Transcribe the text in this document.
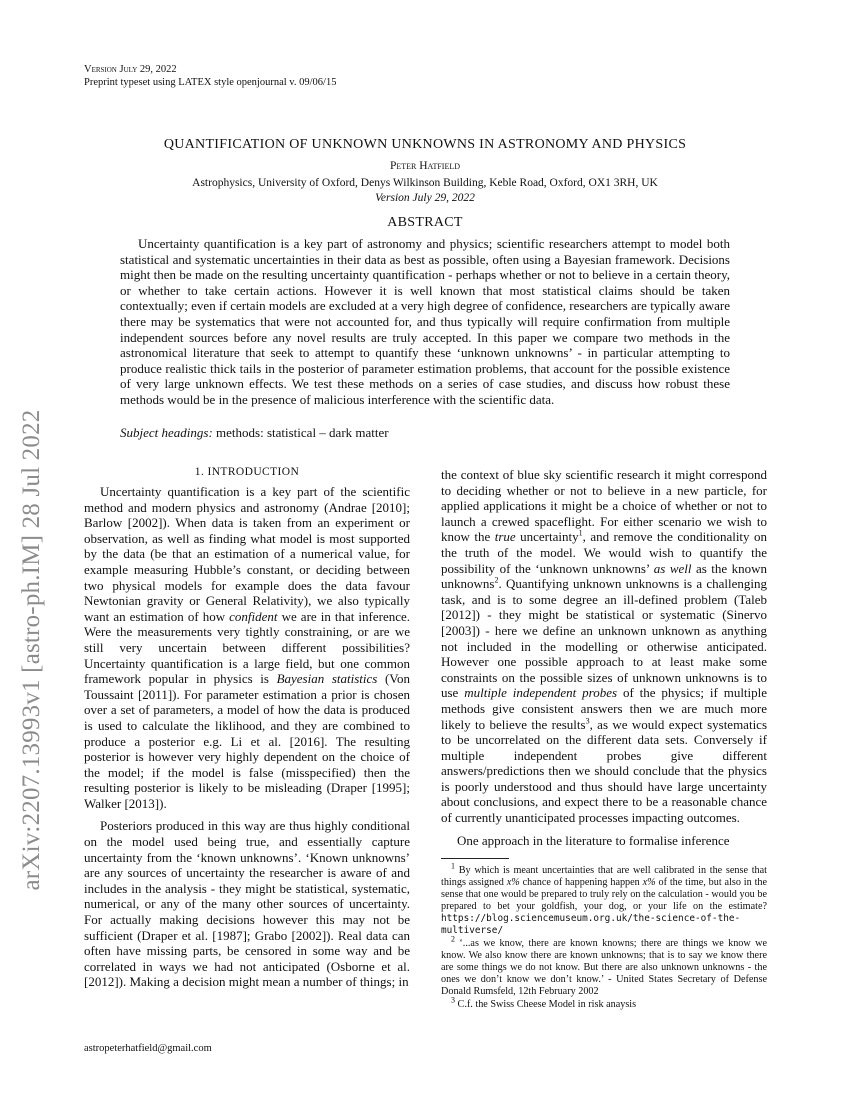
Version July 29, 2022
Preprint typeset using LATEX style openjournal v. 09/06/15
arXiv:2207.13993v1 [astro-ph.IM] 28 Jul 2022
QUANTIFICATION OF UNKNOWN UNKNOWNS IN ASTRONOMY AND PHYSICS
Peter Hatfield
Astrophysics, University of Oxford, Denys Wilkinson Building, Keble Road, Oxford, OX1 3RH, UK
Version July 29, 2022
ABSTRACT

Uncertainty quantification is a key part of astronomy and physics; scientific researchers attempt to model both statistical and systematic uncertainties in their data as best as possible, often using a Bayesian framework. Decisions might then be made on the resulting uncertainty quantification - perhaps whether or not to believe in a certain theory, or whether to take certain actions. However it is well known that most statistical claims should be taken contextually; even if certain models are excluded at a very high degree of confidence, researchers are typically aware there may be systematics that were not accounted for, and thus typically will require confirmation from multiple independent sources before any novel results are truly accepted. In this paper we compare two methods in the astronomical literature that seek to attempt to quantify these ‘unknown unknowns’ - in particular attempting to produce realistic thick tails in the posterior of parameter estimation problems, that account for the possible existence of very large unknown effects. We test these methods on a series of case studies, and discuss how robust these methods would be in the presence of malicious interference with the scientific data.

Subject headings: methods: statistical – dark matter
1. INTRODUCTION

Uncertainty quantification is a key part of the scientific method and modern physics and astronomy (Andrae [2010]; Barlow [2002]). When data is taken from an experiment or observation, as well as finding what model is most supported by the data (be that an estimation of a numerical value, for example measuring Hubble’s constant, or deciding between two physical models for example does the data favour Newtonian gravity or General Relativity), we also typically want an estimation of how confident we are in that inference. Were the measurements very tightly constraining, or are we still very uncertain between different possibilities? Uncertainty quantification is a large field, but one common framework popular in physics is Bayesian statistics (Von Toussaint [2011]). For parameter estimation a prior is chosen over a set of parameters, a model of how the data is produced is used to calculate the liklihood, and they are combined to produce a posterior e.g. Li et al. [2016]. The resulting posterior is however very highly dependent on the choice of the model; if the model is false (misspecified) then the resulting posterior is likely to be misleading (Draper [1995]; Walker [2013]).

Posteriors produced in this way are thus highly conditional on the model used being true, and essentially capture uncertainty from the ‘known unknowns’. ‘Known unknowns’ are any sources of uncertainty the researcher is aware of and includes in the analysis - they might be statistical, systematic, numerical, or any of the many other sources of uncertainty. For actually making decisions however this may not be sufficient (Draper et al. [1987]; Grabo [2002]). Real data can often have missing parts, be censored in some way and be correlated in ways we had not anticipated (Osborne et al. [2012]). Making a decision might mean a number of things; in

the context of blue sky scientific research it might correspond to deciding whether or not to believe in a new particle, for applied applications it might be a choice of whether or not to launch a crewed spaceflight. For either scenario we wish to know the true uncertainty$^1$, and remove the conditionality on the truth of the model. We would wish to quantify the possibility of the ‘unknown unknowns’ as well as the known unknowns$^2$. Quantifying unknown unknowns is a challenging task, and is to some degree an ill-defined problem (Taleb [2012]) - they might be statistical or systematic (Sinervo [2003]) - here we define an unknown unknown as anything not included in the modelling or otherwise anticipated. However one possible approach to at least make some constraints on the possible sizes of unknown unknowns is to use multiple independent probes of the physics; if multiple methods give consistent answers then we are much more likely to believe the results$^3$, as we would expect systematics to be uncorrelated on the different data sets. Conversely if multiple independent probes give different answers/predictions then we should conclude that the physics is poorly understood and thus should have large uncertainty about conclusions, and expect there to be a reasonable chance of currently unanticipated processes impacting outcomes.

One approach in the literature to formalise inference

$^1$ By which is meant uncertainties that are well calibrated in the sense that things assigned x% chance of happening happen x% of the time, but also in the sense that one would be prepared to truly rely on the calculation - would you be prepared to bet your goldfish, your dog, or your life on the estimate? https://blog.sciencemuseum.org.uk/the-science-of-the-multiverse/

$^2$ ‘...as we know, there are known knowns; there are things we know we know. We also know there are known unknowns; that is to say we know there are some things we do not know. But there are also unknown unknowns - the ones we don’t know we don’t know.’ - United States Secretary of Defense Donald Rumsfeld, 12th February 2002

$^3$ C.f. the Swiss Cheese Model in risk anaysis

astropeterhatfield@gmail.com
